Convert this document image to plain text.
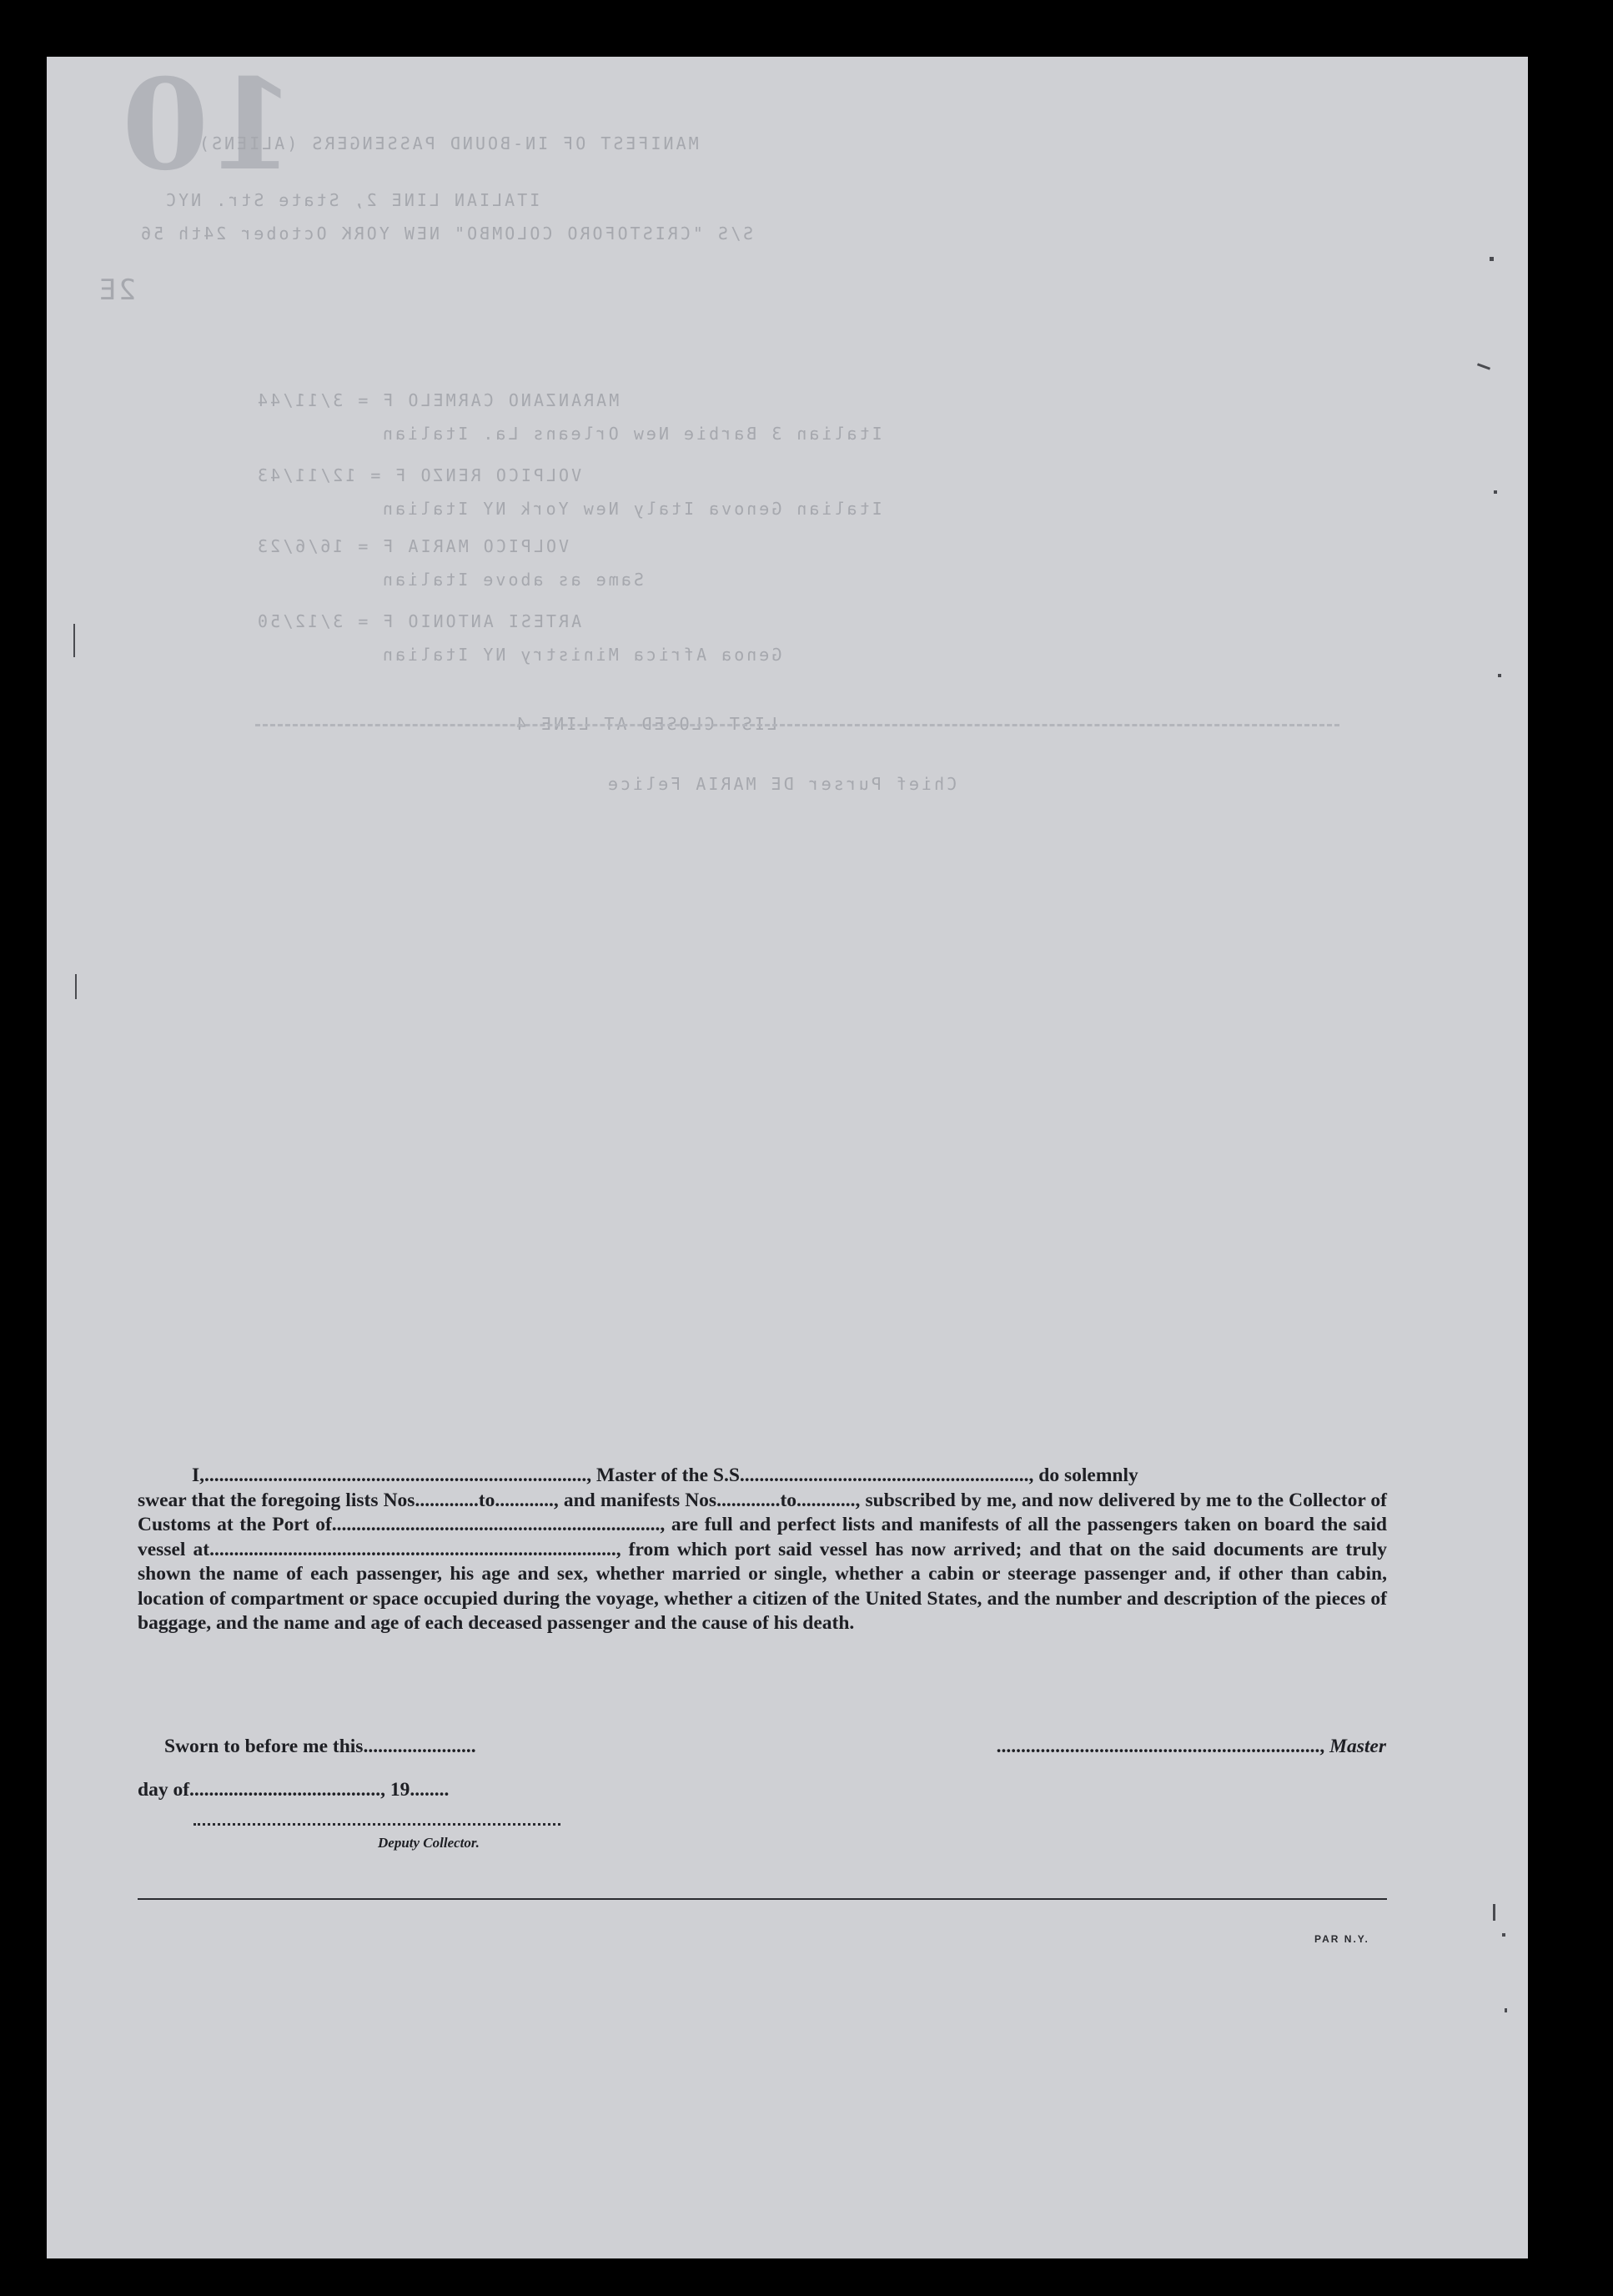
10
MANIFEST OF IN-BOUND PASSENGERS (ALIENS)
ITALIAN LINE 2, State Str. NYC
S/S "CRISTOFORO COLOMBO" NEW YORK October 24th 56
2E
MARANZANO CARMELO F = 3/11/44
Italian 3 Barbie New Orleans La. Italian
VOLPICO RENZO F = 12/11/43
Italian Genova Italy New York NY Italian
VOLPICO MARIA F = 16/6/23
Same as above Italian
ARTESI ANTONIO F = 3/12/50
Genoa Africa Ministry NY Italian
LIST CLOSED AT LINE 4
Chief Purser DE MARIA Felice

I,.............................................................................., Master of the S.S..........................................................., do solemnly

swear that the foregoing lists Nos.............to............, and manifests Nos.............to............, subscribed by me, and now delivered by me to the Collector of Customs at the Port of..................................................................., are full and perfect lists and manifests of all the passengers taken on board the said vessel at..................................................................................., from which port said vessel has now arrived; and that on the said documents are truly shown the name of each passenger, his age and sex, whether married or single, whether a cabin or steerage passenger and, if other than cabin, location of compartment or space occupied during the voyage, whether a citizen of the United States, and the number and description of the pieces of baggage, and the name and age of each deceased passenger and the cause of his death.

Sworn to before me this.......................	.................................................................., Master
day of......................................., 19........
Deputy Collector.
PAR N.Y.
